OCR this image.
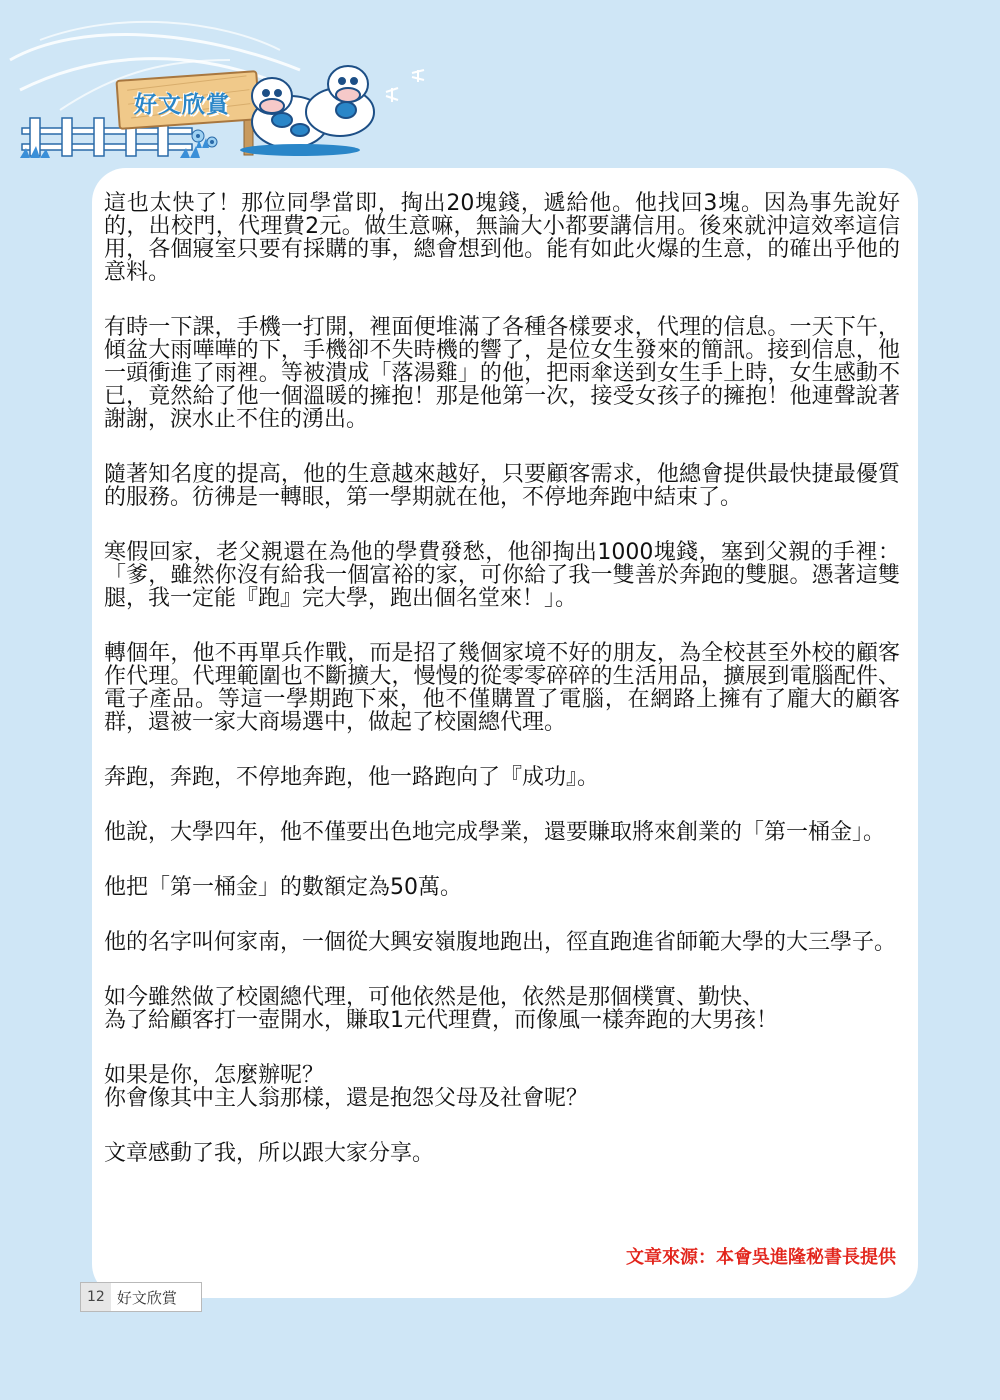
好文欣賞

這也太快了！那位同學當即，掏出20塊錢，遞給他。他找回3塊。因為事先說好的，出校門，代理費2元。做生意嘛，無論大小都要講信用。後來就沖這效率這信用，各個寢室只要有採購的事，總會想到他。能有如此火爆的生意，的確出乎他的意料。

有時一下課，手機一打開，裡面便堆滿了各種各樣要求，代理的信息。一天下午，傾盆大雨嘩嘩的下，手機卻不失時機的響了，是位女生發來的簡訊。接到信息，他一頭衝進了雨裡。等被潰成「落湯雞」的他，把雨傘送到女生手上時，女生感動不已，竟然給了他一個溫暖的擁抱！那是他第一次，接受女孩子的擁抱！他連聲說著謝謝，淚水止不住的湧出。

隨著知名度的提高，他的生意越來越好，只要顧客需求，他總會提供最快捷最優質的服務。彷彿是一轉眼，第一學期就在他，不停地奔跑中結束了。

寒假回家，老父親還在為他的學費發愁，他卻掏出1000塊錢，塞到父親的手裡：「爹，雖然你沒有給我一個富裕的家，可你給了我一雙善於奔跑的雙腿。憑著這雙腿，我一定能『跑』完大學，跑出個名堂來！」。

轉個年，他不再單兵作戰，而是招了幾個家境不好的朋友，為全校甚至外校的顧客作代理。代理範圍也不斷擴大，慢慢的從零零碎碎的生活用品，擴展到電腦配件、電子產品。等這一學期跑下來，他不僅購置了電腦，在網路上擁有了龐大的顧客群，還被一家大商場選中，做起了校園總代理。

奔跑，奔跑，不停地奔跑，他一路跑向了『成功』。

他說，大學四年，他不僅要出色地完成學業，還要賺取將來創業的「第一桶金」。

他把「第一桶金」的數額定為50萬。

他的名字叫何家南，一個從大興安嶺腹地跑出，徑直跑進省師範大學的大三學子。

如今雖然做了校園總代理，可他依然是他，依然是那個樸實、勤快、
為了給顧客打一壺開水，賺取1元代理費，而像風一樣奔跑的大男孩！

如果是你，怎麼辦呢？
你會像其中主人翁那樣，還是抱怨父母及社會呢？

文章感動了我，所以跟大家分享。

文章來源：本會吳進隆秘書長提供
12 好文欣賞
